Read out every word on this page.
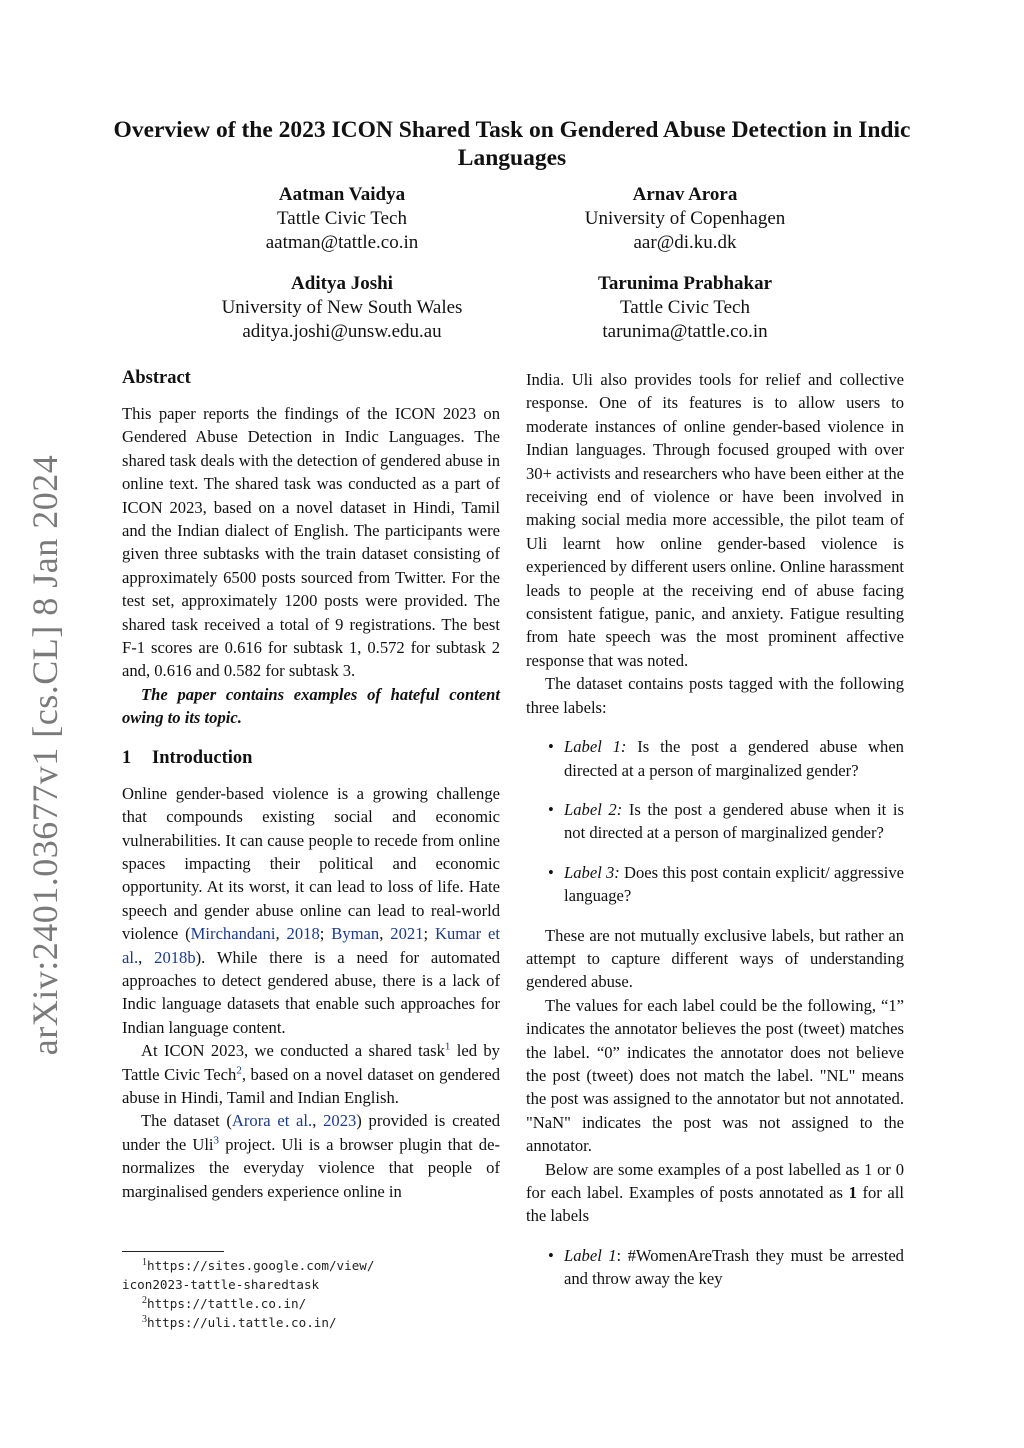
arXiv:2401.03677v1 [cs.CL] 8 Jan 2024
Overview of the 2023 ICON Shared Task on Gendered Abuse Detection in Indic Languages
Aatman Vaidya
Tattle Civic Tech
aatman@tattle.co.in
Arnav Arora
University of Copenhagen
aar@di.ku.dk
Aditya Joshi
University of New South Wales
aditya.joshi@unsw.edu.au
Tarunima Prabhakar
Tattle Civic Tech
tarunima@tattle.co.in
Abstract

This paper reports the findings of the ICON 2023 on Gendered Abuse Detection in Indic Languages. The shared task deals with the detection of gendered abuse in online text. The shared task was conducted as a part of ICON 2023, based on a novel dataset in Hindi, Tamil and the Indian dialect of English. The participants were given three subtasks with the train dataset consisting of approximately 6500 posts sourced from Twitter. For the test set, approximately 1200 posts were provided. The shared task received a total of 9 registrations. The best F-1 scores are 0.616 for subtask 1, 0.572 for subtask 2 and, 0.616 and 0.582 for subtask 3.

The paper contains examples of hateful content owing to its topic.

1 Introduction

Online gender-based violence is a growing challenge that compounds existing social and economic vulnerabilities. It can cause people to recede from online spaces impacting their political and economic opportunity. At its worst, it can lead to loss of life. Hate speech and gender abuse online can lead to real-world violence (Mirchandani, 2018; Byman, 2021; Kumar et al., 2018b). While there is a need for automated approaches to detect gendered abuse, there is a lack of Indic language datasets that enable such approaches for Indian language content.

At ICON 2023, we conducted a shared task$^1$ led by Tattle Civic Tech$^2$, based on a novel dataset on gendered abuse in Hindi, Tamil and Indian English.

The dataset (Arora et al., 2023) provided is created under the Uli$^3$ project. Uli is a browser plugin that de-normalizes the everyday violence that people of marginalised genders experience online in

$^1$https://sites.google.com/view/
icon2023-tattle-sharedtask
$^2$https://tattle.co.in/
$^3$https://uli.tattle.co.in/

India. Uli also provides tools for relief and collective response. One of its features is to allow users to moderate instances of online gender-based violence in Indian languages. Through focused grouped with over 30+ activists and researchers who have been either at the receiving end of violence or have been involved in making social media more accessible, the pilot team of Uli learnt how online gender-based violence is experienced by different users online. Online harassment leads to people at the receiving end of abuse facing consistent fatigue, panic, and anxiety. Fatigue resulting from hate speech was the most prominent affective response that was noted.

The dataset contains posts tagged with the following three labels:

• Label 1: Is the post a gendered abuse when directed at a person of marginalized gender?
• Label 2: Is the post a gendered abuse when it is not directed at a person of marginalized gender?
• Label 3: Does this post contain explicit/ aggressive language?

These are not mutually exclusive labels, but rather an attempt to capture different ways of understanding gendered abuse.

The values for each label could be the following, “1” indicates the annotator believes the post (tweet) matches the label. “0” indicates the annotator does not believe the post (tweet) does not match the label. "NL" means the post was assigned to the annotator but not annotated. "NaN" indicates the post was not assigned to the annotator.

Below are some examples of a post labelled as 1 or 0 for each label. Examples of posts annotated as 1 for all the labels

• Label 1: #WomenAreTrash they must be arrested and throw away the key
